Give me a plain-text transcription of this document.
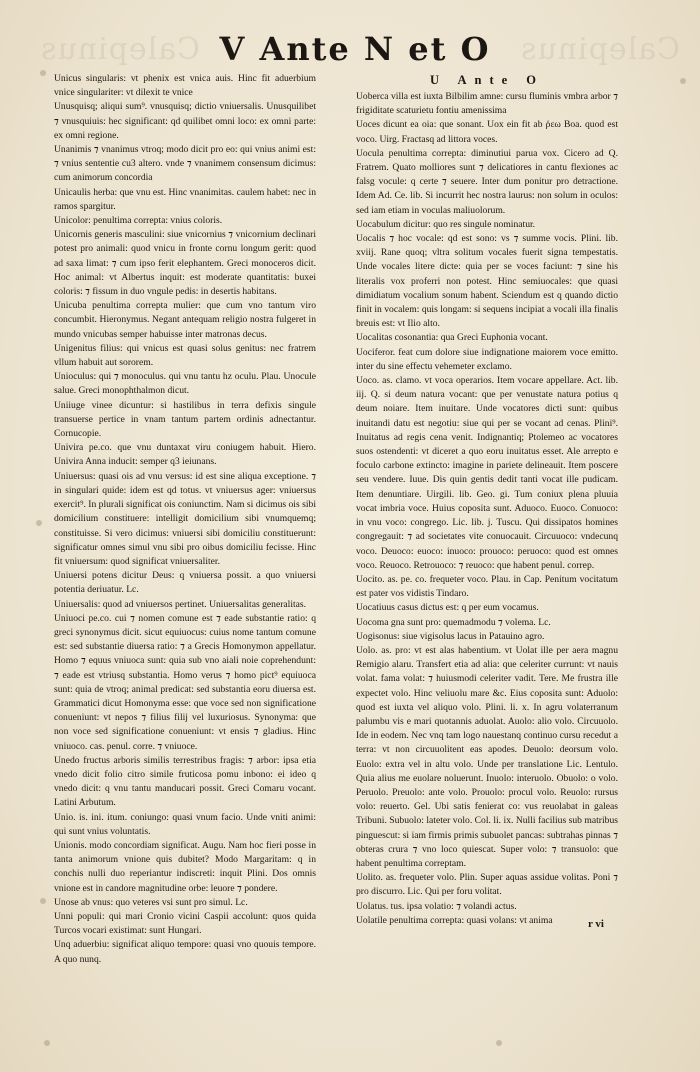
Calepinus	Calepinus
V Ante N et O

Unicus singularis: vt phenix est vnica auis. Hinc fit aduerbium vnice singulariter: vt dilexit te vnice

Unusquisq; aliqui sum⁹. vnusquisq; dictio vniuersalis. Unusquilibet ⁊ vnusquiuis: hec significant: qd quilibet omni loco: ex omni parte: ex omni regione.

Unanimis ⁊ vnanimus vtroq; modo dicit pro eo: qui vnius animi est: ⁊ vnius sententie cu3 altero. vnde ⁊ vnanimem consensum dicimus: cum animorum concordia

Unicaulis herba: que vnu est. Hinc vnanimitas. caulem habet: nec in ramos spargitur.

Unicolor: penultima correpta: vnius coloris.

Unicornis generis masculini: siue vnicornius ⁊ vnicornium declinari potest pro animali: quod vnicu in fronte cornu longum gerit: quod ad saxa limat: ⁊ cum ipso ferit elephantem. Greci monoceros dicit. Hoc animal: vt Albertus inquit: est moderate quantitatis: buxei coloris: ⁊ fissum in duo vngule pedis: in desertis habitans.

Unicuba penultima correpta mulier: que cum vno tantum viro concumbit. Hieronymus. Negant antequam religio nostra fulgeret in mundo vnicubas semper habuisse inter matronas decus.

Unigenitus filius: qui vnicus est quasi solus genitus: nec fratrem vllum habuit aut sororem.

Unioculus: qui ⁊ monoculus. qui vnu tantu hz oculu. Plau. Unocule salue. Greci monophthalmon dicut.

Uniiuge vinee dicuntur: si hastilibus in terra defixis singule transuerse pertice in vnam tantum partem ordinis adnectantur. Cornucopie.

Univira pe.co. que vnu duntaxat viru coniugem habuit. Hiero. Univira Anna inducit: semper q3 ieiunans.

Uniuersus: quasi ois ad vnu versus: id est sine aliqua exceptione. ⁊ in singulari quide: idem est qd totus. vt vniuersus ager: vniuersus exercit⁹. In plurali significat ois coniunctim. Nam si dicimus ois sibi domicilium constituere: intelligit domicilium sibi vnumquemq; constituisse. Si vero dicimus: vniuersi sibi domiciliu constituerunt: significatur omnes simul vnu sibi pro oibus domiciliu fecisse. Hinc fit vniuersum: quod significat vniuersaliter.

Uniuersi potens dicitur Deus: q vniuersa possit. a quo vniuersi potentia deriuatur. Lc.

Uniuersalis: quod ad vniuersos pertinet. Uniuersalitas generalitas.

Uniuoci pe.co. cui ⁊ nomen comune est ⁊ eade substantie ratio: q greci synonymus dicit. sicut equiuocus: cuius nome tantum comune est: sed substantie diuersa ratio: ⁊ a Grecis Homonymon appellatur. Homo ⁊ equus vniuoca sunt: quia sub vno aiali noie coprehendunt: ⁊ eade est vtriusq substantia. Homo verus ⁊ homo pict⁹ equiuoca sunt: quia de vtroq; animal predicat: sed substantia eoru diuersa est. Grammatici dicut Homonyma esse: que voce sed non significatione conueniunt: vt nepos ⁊ filius filij vel luxuriosus. Synonyma: que non voce sed significatione conueniunt: vt ensis ⁊ gladius. Hinc vniuoco. cas. penul. corre. ⁊ vniuoce.

Unedo fructus arboris similis terrestribus fragis: ⁊ arbor: ipsa etia vnedo dicit folio citro simile fruticosa pomu inbono: ei ideo q vnedo dicit: q vnu tantu manducari possit. Greci Comaru vocant. Latini Arbutum.

Unio. is. ini. itum. coniungo: quasi vnum facio. Unde vniti animi: qui sunt vnius voluntatis.

Unionis. modo concordiam significat. Augu. Nam hoc fieri posse in tanta animorum vnione quis dubitet? Modo Margaritam: q in conchis nulli duo reperiantur indiscreti: inquit Plini. Dos omnis vnione est in candore magnitudine orbe: leuore ⁊ pondere.

Unose ab vnus: quo veteres vsi sunt pro simul. Lc.

Unni populi: qui mari Cronio vicini Caspii accolunt: quos quida Turcos vocari existimat: sunt Hungari.

Unq aduerbiu: significat aliquo tempore: quasi vno quouis tempore. A quo nunq.

U Ante O

Uoberca villa est iuxta Bilbilim amne: cursu fluminis vmbra arbor ⁊ frigiditate scaturietu fontiu amenissima

Uoces dicunt ea oia: que sonant. Uox ein fit ab ῥεω Boa. quod est voco. Uirg. Fractasq ad littora voces.

Uocula penultima correpta: diminutiui parua vox. Cicero ad Q. Fratrem. Quato molliores sunt ⁊ delicatiores in cantu flexiones ac falsg vocule: q certe ⁊ seuere. Inter dum ponitur pro detractione. Idem Ad. Ce. lib. Si incurrit hec nostra laurus: non solum in oculos: sed iam etiam in voculas maliuolorum.

Uocabulum dicitur: quo res singule nominatur.

Uocalis ⁊ hoc vocale: qd est sono: vs ⁊ summe vocis. Plini. lib. xviij. Rane quoq; vltra solitum vocales fuerit signa tempestatis. Unde vocales litere dicte: quia per se voces faciunt: ⁊ sine his literalis vox proferri non potest. Hinc semiuocales: que quasi dimidiatum vocalium sonum habent. Sciendum est q quando dictio finit in vocalem: quis longam: si sequens incipiat a vocali illa finalis breuis est: vt Ilio alto.

Uocalitas cosonantia: qua Greci Euphonia vocant.

Uociferor. feat cum dolore siue indignatione maiorem voce emitto. inter du sine effectu vehemeter exclamo.

Uoco. as. clamo. vt voca operarios. Item vocare appellare. Act. lib. iij. Q. si deum natura vocant: que per venustate natura potius q deum noiare. Item inuitare. Unde vocatores dicti sunt: quibus inuitandi datu est negotiu: siue qui per se vocant ad cenas. Plini⁹. Inuitatus ad regis cena venit. Indignantiq; Ptolemeo ac vocatores suos ostendenti: vt diceret a quo eoru inuitatus esset. Ale arrepto e foculo carbone extincto: imagine in pariete delineauit. Item poscere seu vendere. Iuue. Dis quin gentis dedit tanti vocat ille pudicam. Item denuntiare. Uirgili. lib. Geo. gi. Tum coniux plena pluuia vocat imbria voce. Huius coposita sunt. Aduoco. Euoco. Conuoco: in vnu voco: congrego. Lic. lib. j. Tuscu. Qui dissipatos homines congregauit: ⁊ ad societates vite conuocauit. Circuuoco: vndecunq voco. Deuoco: euoco: inuoco: prouoco: peruoco: quod est omnes voco. Reuoco. Retrouoco: ⁊ reuoco: que habent penul. correp.

Uocito. as. pe. co. frequeter voco. Plau. in Cap. Penitum vocitatum est pater vos vidistis Tindaro.

Uocatiuus casus dictus est: q per eum vocamus.

Uocoma gna sunt pro: quemadmodu ⁊ volema. Lc.

Uogisonus: siue vigisolus lacus in Patauino agro.

Uolo. as. pro: vt est alas habentium. vt Uolat ille per aera magnu Remigio alaru. Transfert etia ad alia: que celeriter currunt: vt nauis volat. fama volat: ⁊ huiusmodi celeriter vadit. Tere. Me frustra ille expectet volo. Hinc veliuolu mare &c. Eius coposita sunt: Aduolo: quod est iuxta vel aliquo volo. Plini. li. x. In agru volaterranum palumbu vis e mari quotannis aduolat. Auolo: alio volo. Circuuolo. Ide in eodem. Nec vnq tam logo nauestanq continuo cursu recedut a terra: vt non circuuolitent eas apodes. Deuolo: deorsum volo. Euolo: extra vel in altu volo. Unde per translatione Lic. Lentulo. Quia alius me euolare noluerunt. Inuolo: interuolo. Obuolo: o volo. Peruolo. Preuolo: ante volo. Prouolo: procul volo. Reuolo: rursus volo: reuerto. Gel. Ubi satis fenierat co: vus reuolabat in galeas Tribuni. Subuolo: lateter volo. Col. li. ix. Nulli facilius sub matribus pinguescut: si iam firmis primis subuolet pancas: subtrahas pinnas ⁊ obteras crura ⁊ vno loco quiescat. Super volo: ⁊ transuolo: que habent penultima correptam.

Uolito. as. frequeter volo. Plin. Super aquas assidue volitas. Poni ⁊ pro discurro. Lic. Qui per foru volitat.

Uolatus. tus. ipsa volatio: ⁊ volandi actus.

Uolatile penultima correpta: quasi volans: vt anima	r vi
